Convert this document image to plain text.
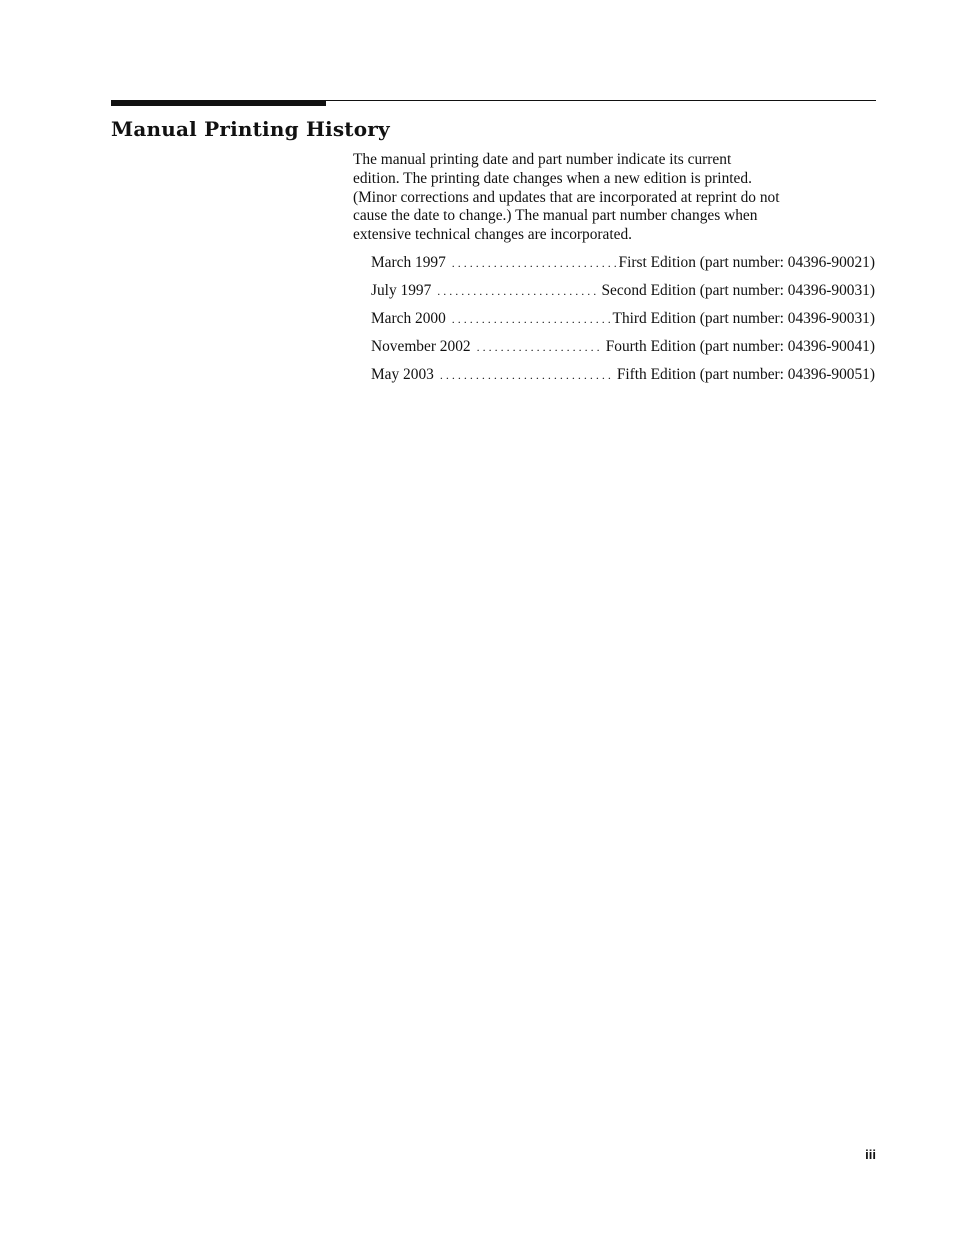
Manual Printing History

The manual printing date and part number indicate its current
edition. The printing date changes when a new edition is printed.
(Minor corrections and updates that are incorporated at reprint do not
cause the date to change.) The manual part number changes when
extensive technical changes are incorporated.

March 1997 . . .	First Edition (part number: 04396-90021)
July 1997 . . .	Second Edition (part number: 04396-90031)
March 2000 . . .	Third Edition (part number: 04396-90031)
November 2002 . . .	Fourth Edition (part number: 04396-90041)
May 2003 . . .	Fifth Edition (part number: 04396-90051)

iii
